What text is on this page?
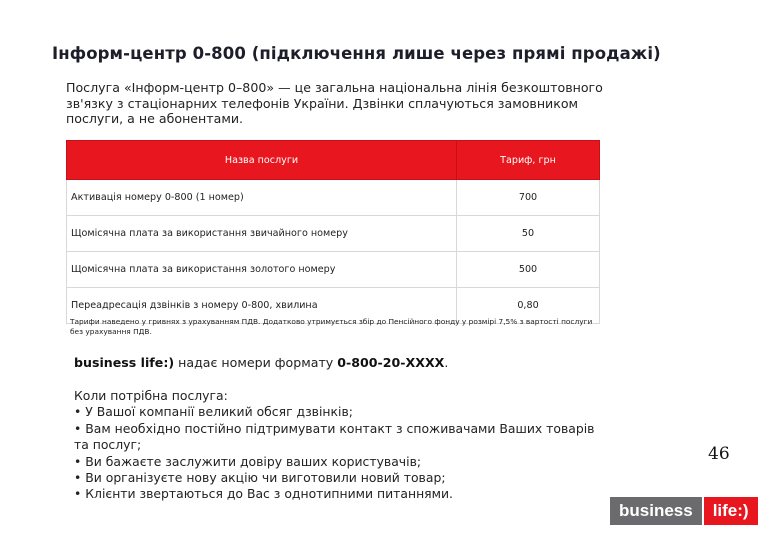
Інформ-центр 0-800 (підключення лише через прямі продажі)
Послуга «Інформ-центр 0–800» — це загальна національна лінія безкоштовного
зв'язку з стаціонарних телефонів України. Дзвінки сплачуються замовником
послуги, а не абонентами.
Назва послуги	Тариф, грн
Активація номеру 0-800 (1 номер)	700
Щомісячна плата за використання звичайного номеру	50
Щомісячна плата за використання золотого номеру	500
Переадресація дзвінків з номеру 0-800, хвилина	0,80
Тарифи наведено у гривнях з урахуванням ПДВ. Додатково утримується збір до Пенсійного фонду у розмірі 7,5% з вартості послуги
без урахування ПДВ.
business life:) надає номери формату 0-800-20-XXXX.
Коли потрібна послуга:
• У Вашої компанії великий обсяг дзвінків;
• Вам необхідно постійно підтримувати контакт з споживачами Ваших товарів
та послуг;
• Ви бажаєте заслужити довіру ваших користувачів;
• Ви організуєте нову акцію чи виготовили новий товар;
• Клієнти звертаються до Вас з однотипними питаннями.
46
business	life:)
